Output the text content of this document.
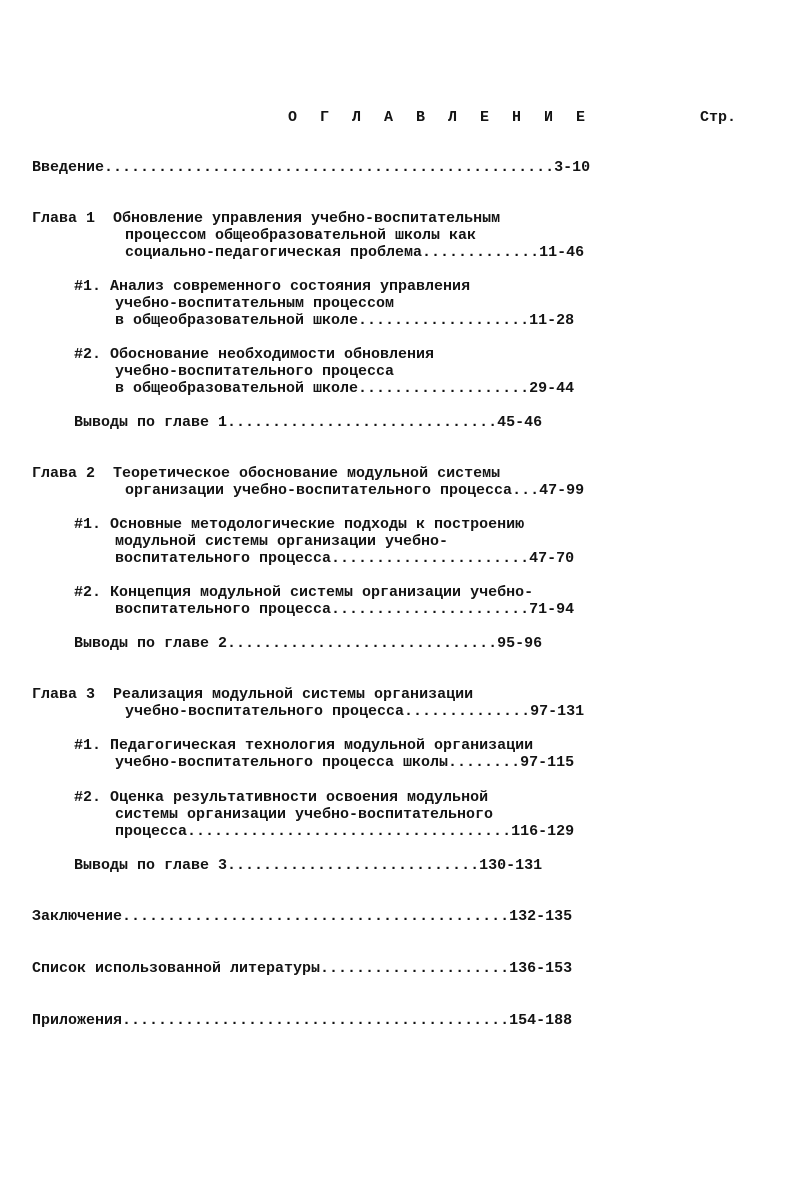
О Г Л А В Л Е Н И Е	Стр.
Введение..................................................3-10
Глава 1  Обновление управления учебно-воспитательным
процессом общеобразовательной школы как
социально-педагогическая проблема.............11-46
#1. Анализ современного состояния управления
учебно-воспитательным процессом
в общеобразовательной школе...................11-28
#2. Обоснование необходимости обновления
учебно-воспитательного процесса
в общеобразовательной школе...................29-44
Выводы по главе 1..............................45-46
Глава 2  Теоретическое обоснование модульной системы
организации учебно-воспитательного процесса...47-99
#1. Основные методологические подходы к построению
модульной системы организации учебно-
воспитательного процесса......................47-70
#2. Концепция модульной системы организации учебно-
воспитательного процесса......................71-94
Выводы по главе 2..............................95-96
Глава 3  Реализация модульной системы организации
учебно-воспитательного процесса..............97-131
#1. Педагогическая технология модульной организации
учебно-воспитательного процесса школы........97-115
#2. Оценка результативности освоения модульной
системы организации учебно-воспитательного
процесса....................................116-129
Выводы по главе 3............................130-131
Заключение...........................................132-135
Список использованной литературы.....................136-153
Приложения...........................................154-188
